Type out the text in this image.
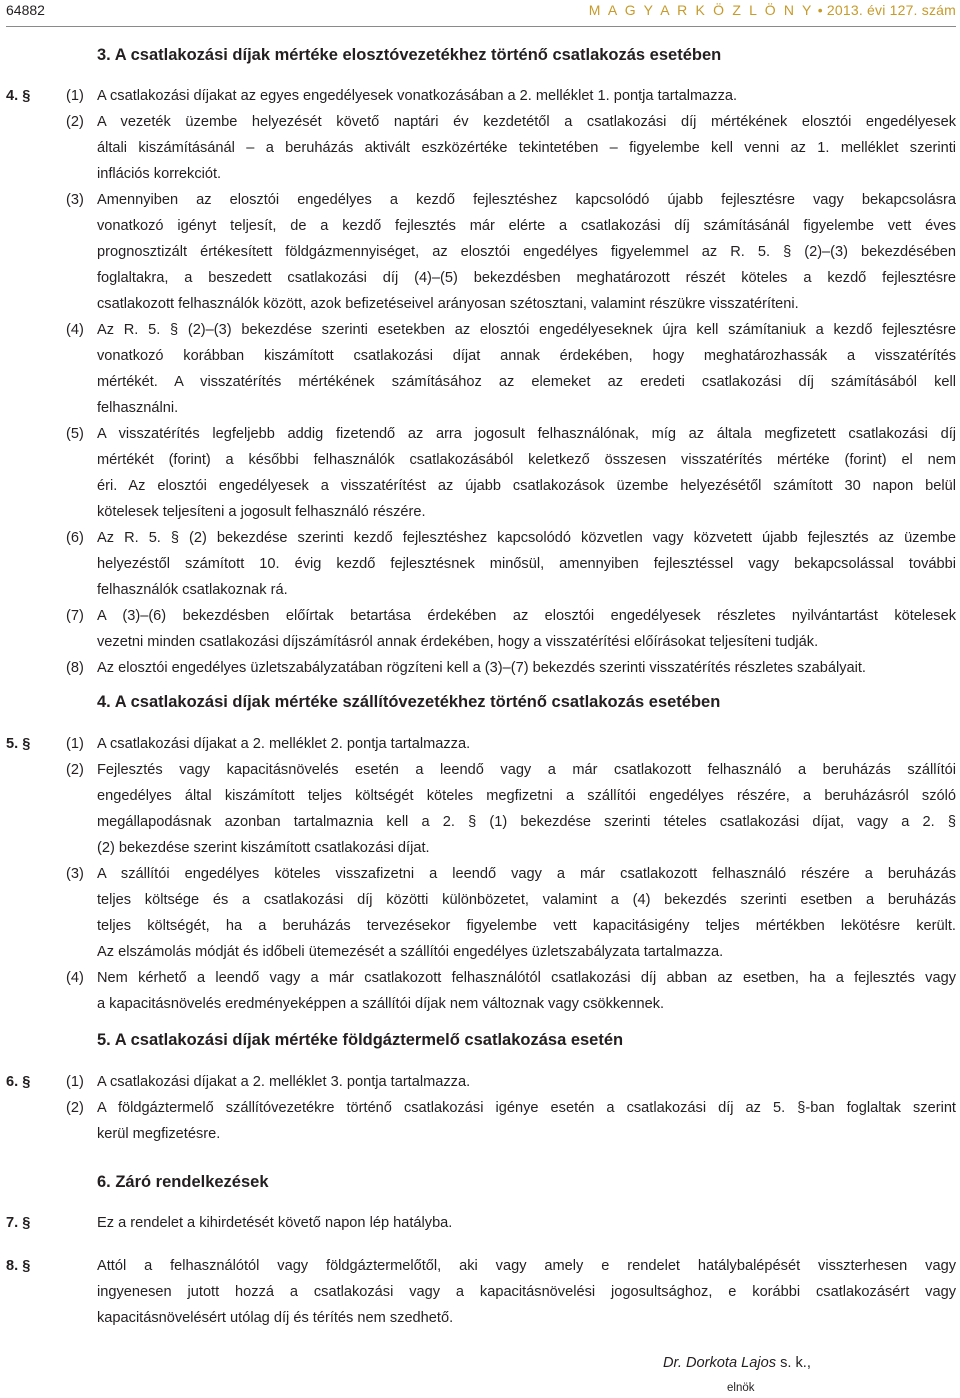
64882	M A G Y A R K Ö Z L Ö N Y • 2013. évi 127. szám
3. A csatlakozási díjak mértéke elosztóvezetékhez történő csatlakozás esetében
4. § (1) A csatlakozási díjakat az egyes engedélyesek vonatkozásában a 2. melléklet 1. pontja tartalmazza.
(2) A vezeték üzembe helyezését követő naptári év kezdetétől a csatlakozási díj mértékének elosztói engedélyesek
általi kiszámításánál – a beruházás aktivált eszközértéke tekintetében – figyelembe kell venni az 1. melléklet szerinti
inflációs korrekciót.
(3) Amennyiben az elosztói engedélyes a kezdő fejlesztéshez kapcsolódó újabb fejlesztésre vagy bekapcsolásra
vonatkozó igényt teljesít, de a kezdő fejlesztés már elérte a csatlakozási díj számításánál figyelembe vett éves
prognosztizált értékesített földgázmennyiséget, az elosztói engedélyes figyelemmel az R. 5. § (2)–(3) bekezdésében
foglaltakra, a beszedett csatlakozási díj (4)–(5) bekezdésben meghatározott részét köteles a kezdő fejlesztésre
csatlakozott felhasználók között, azok befizetéseivel arányosan szétosztani, valamint részükre visszatéríteni.
(4) Az R. 5. § (2)–(3) bekezdése szerinti esetekben az elosztói engedélyeseknek újra kell számítaniuk a kezdő fejlesztésre
vonatkozó korábban kiszámított csatlakozási díjat annak érdekében, hogy meghatározhassák a visszatérítés
mértékét. A visszatérítés mértékének számításához az elemeket az eredeti csatlakozási díj számításából kell
felhasználni.
(5) A visszatérítés legfeljebb addig fizetendő az arra jogosult felhasználónak, míg az általa megfizetett csatlakozási díj
mértékét (forint) a későbbi felhasználók csatlakozásából keletkező összesen visszatérítés mértéke (forint) el nem
éri. Az elosztói engedélyesek a visszatérítést az újabb csatlakozások üzembe helyezésétől számított 30 napon belül
kötelesek teljesíteni a jogosult felhasználó részére.
(6) Az R. 5. § (2) bekezdése szerinti kezdő fejlesztéshez kapcsolódó közvetlen vagy közvetett újabb fejlesztés az üzembe
helyezéstől számított 10. évig kezdő fejlesztésnek minősül, amennyiben fejlesztéssel vagy bekapcsolással további
felhasználók csatlakoznak rá.
(7) A (3)–(6) bekezdésben előírtak betartása érdekében az elosztói engedélyesek részletes nyilvántartást kötelesek
vezetni minden csatlakozási díjszámításról annak érdekében, hogy a visszatérítési előírásokat teljesíteni tudják.
(8) Az elosztói engedélyes üzletszabályzatában rögzíteni kell a (3)–(7) bekezdés szerinti visszatérítés részletes szabályait.
4. A csatlakozási díjak mértéke szállítóvezetékhez történő csatlakozás esetében
5. § (1) A csatlakozási díjakat a 2. melléklet 2. pontja tartalmazza.
(2) Fejlesztés vagy kapacitásnövelés esetén a leendő vagy a már csatlakozott felhasználó a beruházás szállítói
engedélyes által kiszámított teljes költségét köteles megfizetni a szállítói engedélyes részére, a beruházásról szóló
megállapodásnak azonban tartalmaznia kell a 2. § (1) bekezdése szerinti tételes csatlakozási díjat, vagy a 2. §
(2) bekezdése szerint kiszámított csatlakozási díjat.
(3) A szállítói engedélyes köteles visszafizetni a leendő vagy a már csatlakozott felhasználó részére a beruházás
teljes költsége és a csatlakozási díj közötti különbözetet, valamint a (4) bekezdés szerinti esetben a beruházás
teljes költségét, ha a beruházás tervezésekor figyelembe vett kapacitásigény teljes mértékben lekötésre került.
Az elszámolás módját és időbeli ütemezését a szállítói engedélyes üzletszabályzata tartalmazza.
(4) Nem kérhető a leendő vagy a már csatlakozott felhasználótól csatlakozási díj abban az esetben, ha a fejlesztés vagy
a kapacitásnövelés eredményeképpen a szállítói díjak nem változnak vagy csökkennek.
5. A csatlakozási díjak mértéke földgáztermelő csatlakozása esetén
6. § (1) A csatlakozási díjakat a 2. melléklet 3. pontja tartalmazza.
(2) A földgáztermelő szállítóvezetékre történő csatlakozási igénye esetén a csatlakozási díj az 5. §-ban foglaltak szerint
kerül megfizetésre.
6. Záró rendelkezések
7. §	Ez a rendelet a kihirdetését követő napon lép hatályba.
8. §	Attól a felhasználótól vagy földgáztermelőtől, aki vagy amely e rendelet hatálybalépését visszterhesen vagy
ingyenesen jutott hozzá a csatlakozási vagy a kapacitásnövelési jogosultsághoz, e korábbi csatlakozásért vagy
kapacitásnövelésért utólag díj és térítés nem szedhető.
Dr. Dorkota Lajos s. k.,
elnök
